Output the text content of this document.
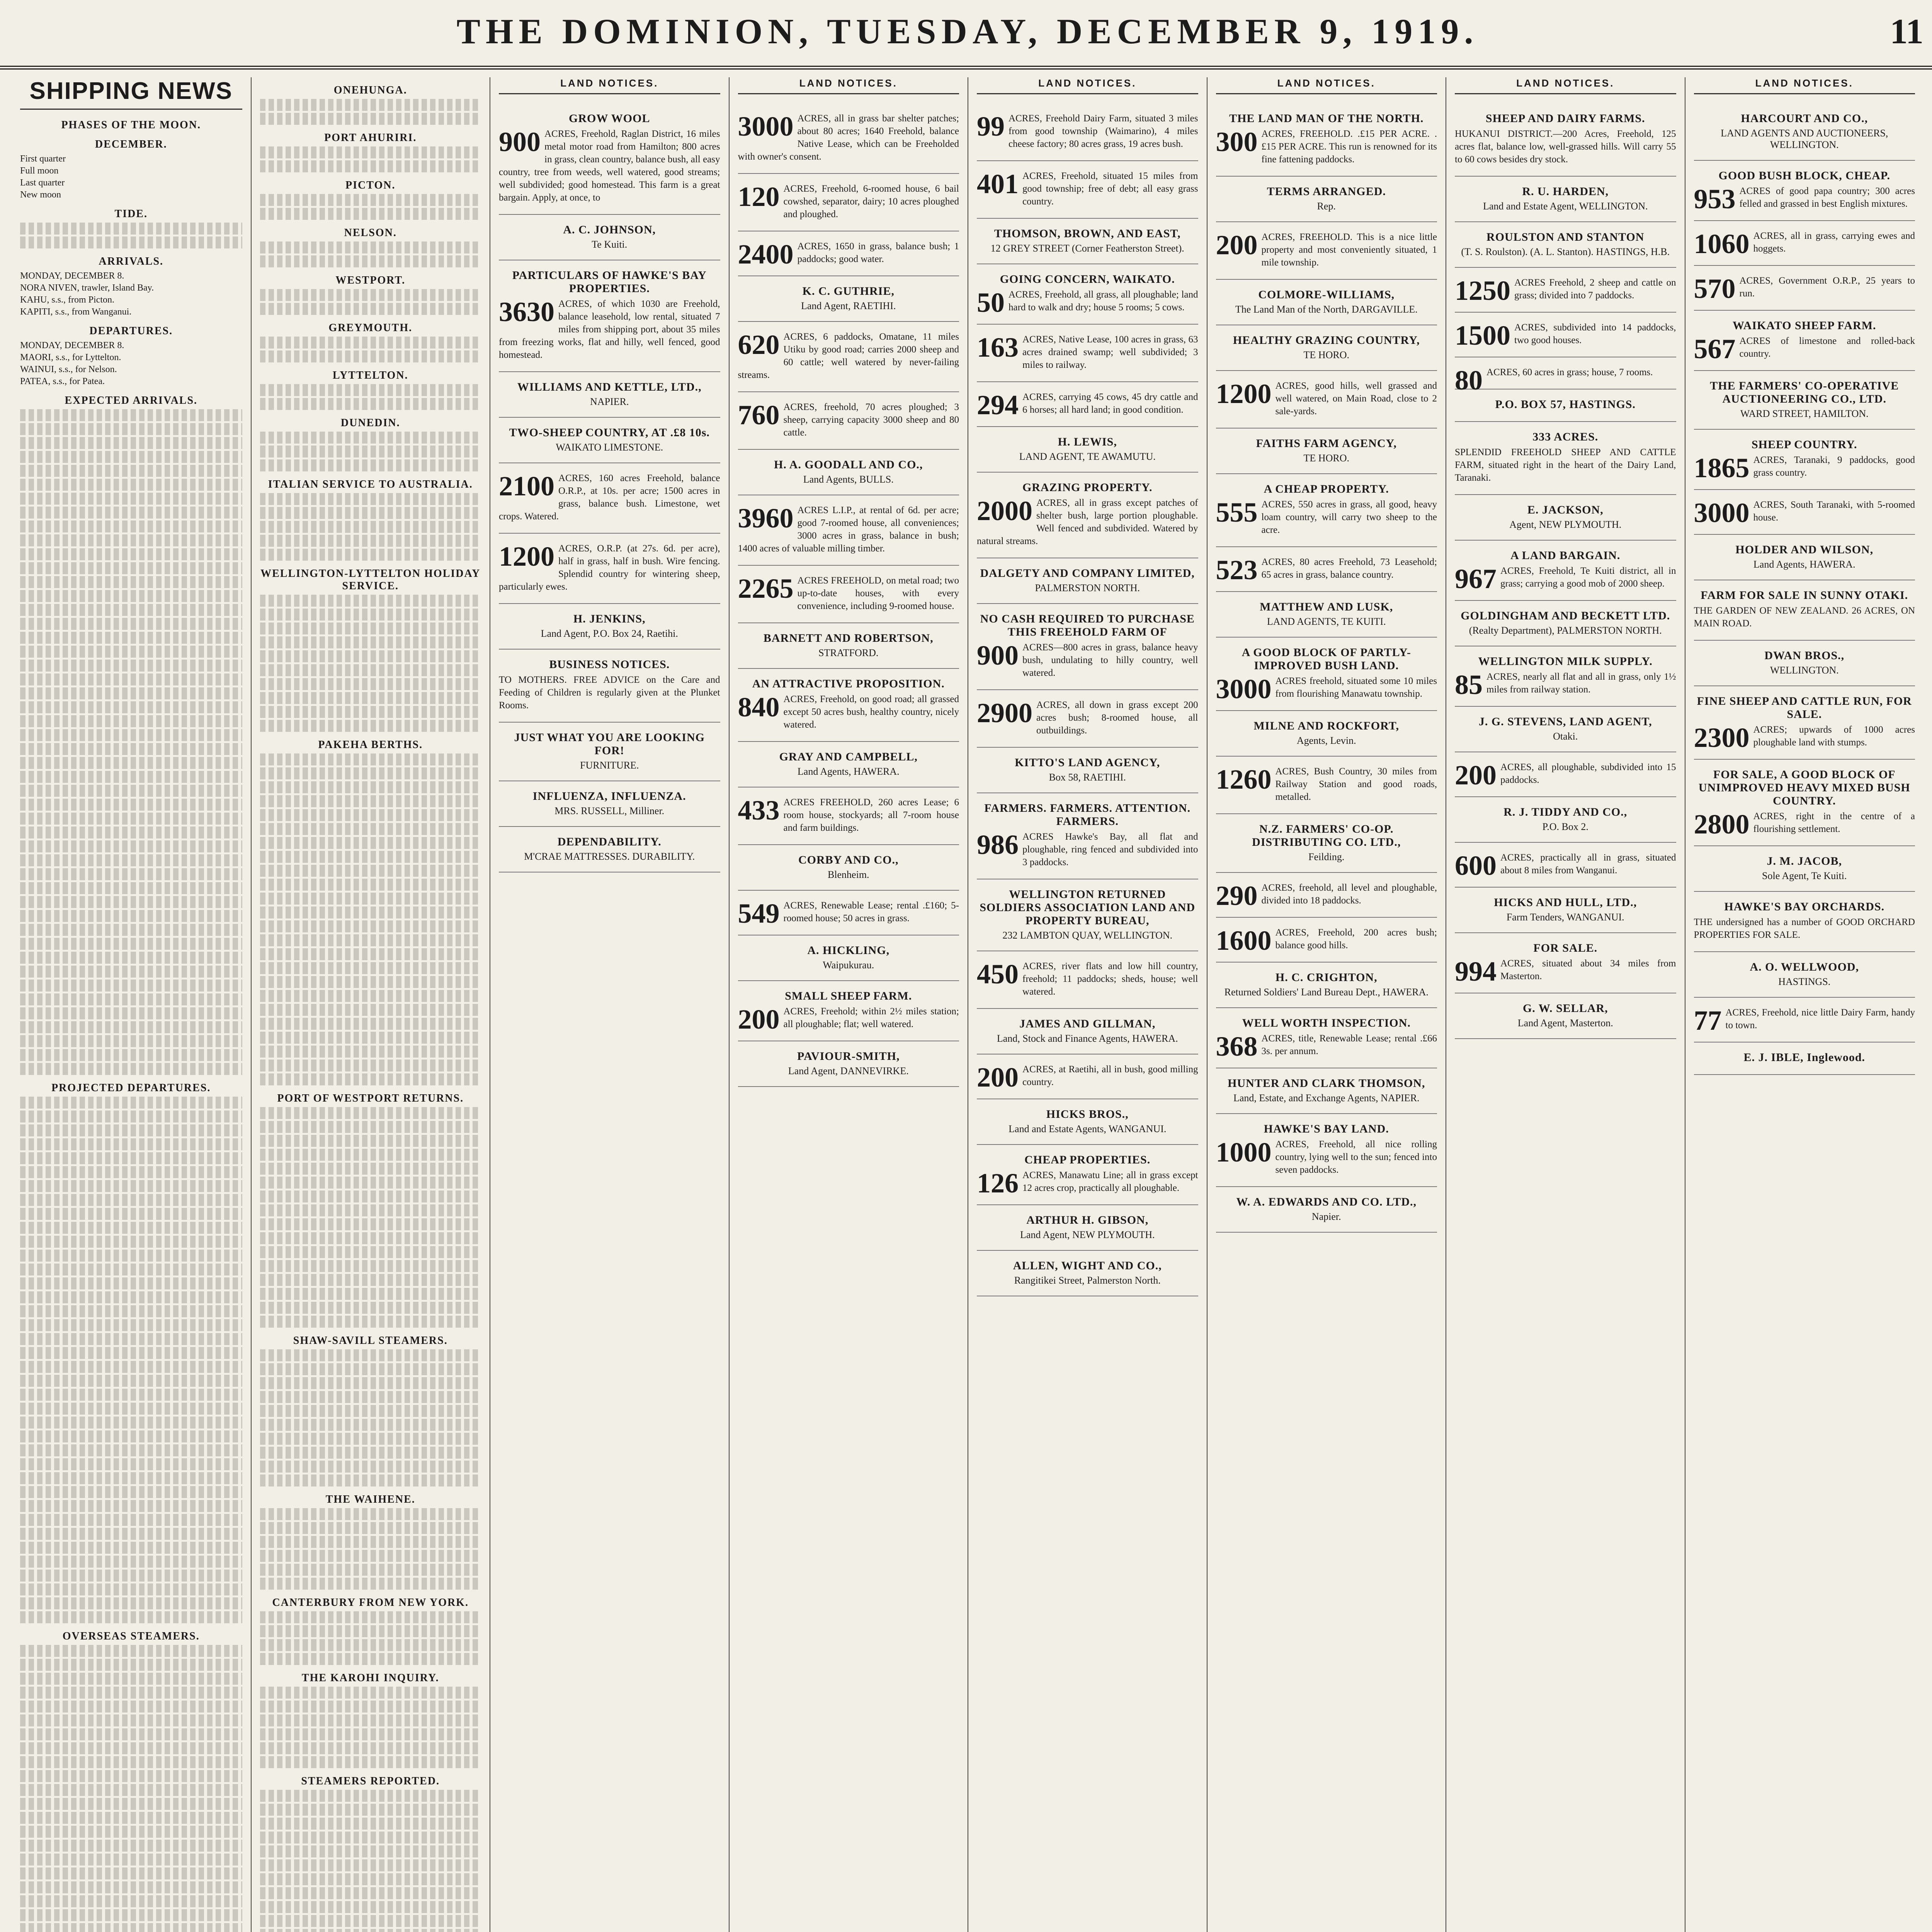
THE DOMINION, TUESDAY, DECEMBER 9, 1919.	11
SHIPPING NEWS
PHASES OF THE MOON.
DECEMBER.
First quarter
Full moon
Last quarter
New moon
TIDE.
ARRIVALS.
MONDAY, DECEMBER 8.
NORA NIVEN, trawler, Island Bay.
KAHU, s.s., from Picton.
KAPITI, s.s., from Wanganui.
DEPARTURES.
MONDAY, DECEMBER 8.
MAORI, s.s., for Lyttelton.
WAINUI, s.s., for Nelson.
PATEA, s.s., for Patea.
EXPECTED ARRIVALS.
PROJECTED DEPARTURES.
OVERSEAS STEAMERS.
ONEHUNGA.
PORT AHURIRI.
PICTON.
NELSON.
WESTPORT.
GREYMOUTH.
LYTTELTON.
DUNEDIN.
ITALIAN SERVICE TO AUSTRALIA.
WELLINGTON-LYTTELTON HOLIDAY SERVICE.
PAKEHA BERTHS.
PORT OF WESTPORT RETURNS.
SHAW-SAVILL STEAMERS.
THE WAIHENE.
CANTERBURY FROM NEW YORK.
THE KAROHI INQUIRY.
STEAMERS REPORTED.
LAND NOTICES.
GROW WOOL
900 ACRES, Freehold, Raglan District, 16 miles metal motor road from Hamilton; 800 acres in grass, clean country, balance bush, all easy country, tree from weeds, well watered, good streams; well subdivided; good homestead. This farm is a great bargain. Apply, at once, to
A. C. JOHNSON,
Te Kuiti.
PARTICULARS OF HAWKE'S BAY PROPERTIES.
3630 ACRES, of which 1030 are Freehold, balance leasehold, low rental, situated 7 miles from shipping port, about 35 miles from freezing works, flat and hilly, well fenced, good homestead.
WILLIAMS AND KETTLE, LTD.,
NAPIER.
TWO-SHEEP COUNTRY, AT .£8 10s.
WAIKATO LIMESTONE.
2100 ACRES, 160 acres Freehold, balance O.R.P., at 10s. per acre; 1500 acres in grass, balance bush. Limestone, wet crops. Watered.
1200 ACRES, O.R.P. (at 27s. 6d. per acre), half in grass, half in bush. Wire fencing. Splendid country for wintering sheep, particularly ewes.
H. JENKINS,
Land Agent, P.O. Box 24, Raetihi.
BUSINESS NOTICES.
TO MOTHERS. FREE ADVICE on the Care and Feeding of Children is regularly given at the Plunket Rooms.
JUST WHAT YOU ARE LOOKING FOR!
FURNITURE.
INFLUENZA, INFLUENZA.
MRS. RUSSELL, Milliner.
DEPENDABILITY.
M'CRAE MATTRESSES. DURABILITY.
LAND NOTICES.
3000 ACRES, all in grass bar shelter patches; about 80 acres; 1640 Freehold, balance Native Lease, which can be Freeholded with owner's consent.
120 ACRES, Freehold, 6-roomed house, 6 bail cowshed, separator, dairy; 10 acres ploughed and ploughed.
2400 ACRES, 1650 in grass, balance bush; 1 paddocks; good water.
K. C. GUTHRIE,
Land Agent, RAETIHI.
620 ACRES, 6 paddocks, Omatane, 11 miles Utiku by good road; carries 2000 sheep and 60 cattle; well watered by never-failing streams.
760 ACRES, freehold, 70 acres ploughed; 3 sheep, carrying capacity 3000 sheep and 80 cattle.
H. A. GOODALL AND CO.,
Land Agents, BULLS.
3960 ACRES L.I.P., at rental of 6d. per acre; good 7-roomed house, all conveniences; 3000 acres in grass, balance in bush; 1400 acres of valuable milling timber.
2265 ACRES FREEHOLD, on metal road; two up-to-date houses, with every convenience, including 9-roomed house.
BARNETT AND ROBERTSON,
STRATFORD.
AN ATTRACTIVE PROPOSITION.
840 ACRES, Freehold, on good road; all grassed except 50 acres bush, healthy country, nicely watered.
GRAY AND CAMPBELL,
Land Agents, HAWERA.
433 ACRES FREEHOLD, 260 acres Lease; 6 room house, stockyards; all 7-room house and farm buildings.
CORBY AND CO.,
Blenheim.
549 ACRES, Renewable Lease; rental .£160; 5-roomed house; 50 acres in grass.
A. HICKLING,
Waipukurau.
SMALL SHEEP FARM.
200 ACRES, Freehold; within 2½ miles station; all ploughable; flat; well watered.
PAVIOUR-SMITH,
Land Agent, DANNEVIRKE.
LAND NOTICES.
99 ACRES, Freehold Dairy Farm, situated 3 miles from good township (Waimarino), 4 miles cheese factory; 80 acres grass, 19 acres bush.
401 ACRES, Freehold, situated 15 miles from good township; free of debt; all easy grass country.
THOMSON, BROWN, AND EAST,
12 GREY STREET (Corner Featherston Street).
GOING CONCERN, WAIKATO.
50 ACRES, Freehold, all grass, all ploughable; land hard to walk and dry; house 5 rooms; 5 cows.
163 ACRES, Native Lease, 100 acres in grass, 63 acres drained swamp; well subdivided; 3 miles to railway.
294 ACRES, carrying 45 cows, 45 dry cattle and 6 horses; all hard land; in good condition.
H. LEWIS,
LAND AGENT, TE AWAMUTU.
GRAZING PROPERTY.
2000 ACRES, all in grass except patches of shelter bush, large portion ploughable. Well fenced and subdivided. Watered by natural streams.
DALGETY AND COMPANY LIMITED,
PALMERSTON NORTH.
NO CASH REQUIRED TO PURCHASE THIS FREEHOLD FARM OF
900 ACRES—800 acres in grass, balance heavy bush, undulating to hilly country, well watered.
2900 ACRES, all down in grass except 200 acres bush; 8-roomed house, all outbuildings.
KITTO'S LAND AGENCY,
Box 58, RAETIHI.
FARMERS. FARMERS. ATTENTION. FARMERS.
986 ACRES Hawke's Bay, all flat and ploughable, ring fenced and subdivided into 3 paddocks.
WELLINGTON RETURNED SOLDIERS ASSOCIATION LAND AND PROPERTY BUREAU,
232 LAMBTON QUAY, WELLINGTON.
450 ACRES, river flats and low hill country, freehold; 11 paddocks; sheds, house; well watered.
JAMES AND GILLMAN,
Land, Stock and Finance Agents, HAWERA.
200 ACRES, at Raetihi, all in bush, good milling country.
HICKS BROS.,
Land and Estate Agents, WANGANUI.
CHEAP PROPERTIES.
126 ACRES, Manawatu Line; all in grass except 12 acres crop, practically all ploughable.
ARTHUR H. GIBSON,
Land Agent, NEW PLYMOUTH.
ALLEN, WIGHT AND CO.,
Rangitikei Street, Palmerston North.
LAND NOTICES.
THE LAND MAN OF THE NORTH.
300 ACRES, FREEHOLD. .£15 PER ACRE. .£15 PER ACRE. This run is renowned for its fine fattening paddocks.
TERMS ARRANGED.
Rep.
200 ACRES, FREEHOLD. This is a nice little property and most conveniently situated, 1 mile township.
COLMORE-WILLIAMS,
The Land Man of the North, DARGAVILLE.
HEALTHY GRAZING COUNTRY,
TE HORO.
1200 ACRES, good hills, well grassed and well watered, on Main Road, close to 2 sale-yards.
FAITHS FARM AGENCY,
TE HORO.
A CHEAP PROPERTY.
555 ACRES, 550 acres in grass, all good, heavy loam country, will carry two sheep to the acre.
523 ACRES, 80 acres Freehold, 73 Leasehold; 65 acres in grass, balance country.
MATTHEW AND LUSK,
LAND AGENTS, TE KUITI.
A GOOD BLOCK OF PARTLY-IMPROVED BUSH LAND.
3000 ACRES freehold, situated some 10 miles from flourishing Manawatu township.
MILNE AND ROCKFORT,
Agents, Levin.
1260 ACRES, Bush Country, 30 miles from Railway Station and good roads, metalled.
N.Z. FARMERS' CO-OP. DISTRIBUTING CO. LTD.,
Feilding.
290 ACRES, freehold, all level and ploughable, divided into 18 paddocks.
1600 ACRES, Freehold, 200 acres bush; balance good hills.
H. C. CRIGHTON,
Returned Soldiers' Land Bureau Dept., HAWERA.
WELL WORTH INSPECTION.
368 ACRES, title, Renewable Lease; rental .£66 3s. per annum.
HUNTER AND CLARK THOMSON,
Land, Estate, and Exchange Agents, NAPIER.
HAWKE'S BAY LAND.
1000 ACRES, Freehold, all nice rolling country, lying well to the sun; fenced into seven paddocks.
W. A. EDWARDS AND CO. LTD.,
Napier.
LAND NOTICES.
SHEEP AND DAIRY FARMS.
HUKANUI DISTRICT.—200 Acres, Freehold, 125 acres flat, balance low, well-grassed hills. Will carry 55 to 60 cows besides dry stock.
R. U. HARDEN,
Land and Estate Agent, WELLINGTON.
ROULSTON AND STANTON
(T. S. Roulston). (A. L. Stanton). HASTINGS, H.B.
1250 ACRES Freehold, 2 sheep and cattle on grass; divided into 7 paddocks.
1500 ACRES, subdivided into 14 paddocks, two good houses.
80 ACRES, 60 acres in grass; house, 7 rooms.
P.O. BOX 57, HASTINGS.
333 ACRES.
SPLENDID FREEHOLD SHEEP AND CATTLE FARM, situated right in the heart of the Dairy Land, Taranaki.
E. JACKSON,
Agent, NEW PLYMOUTH.
A LAND BARGAIN.
967 ACRES, Freehold, Te Kuiti district, all in grass; carrying a good mob of 2000 sheep.
GOLDINGHAM AND BECKETT LTD.
(Realty Department), PALMERSTON NORTH.
WELLINGTON MILK SUPPLY.
85 ACRES, nearly all flat and all in grass, only 1½ miles from railway station.
J. G. STEVENS, LAND AGENT,
Otaki.
200 ACRES, all ploughable, subdivided into 15 paddocks.
R. J. TIDDY AND CO.,
P.O. Box 2.
600 ACRES, practically all in grass, situated about 8 miles from Wanganui.
HICKS AND HULL, LTD.,
Farm Tenders, WANGANUI.
FOR SALE.
994 ACRES, situated about 34 miles from Masterton.
G. W. SELLAR,
Land Agent, Masterton.
LAND NOTICES.
HARCOURT AND CO.,
LAND AGENTS AND AUCTIONEERS, WELLINGTON.
GOOD BUSH BLOCK, CHEAP.
953 ACRES of good papa country; 300 acres felled and grassed in best English mixtures.
1060 ACRES, all in grass, carrying ewes and hoggets.
570 ACRES, Government O.R.P., 25 years to run.
WAIKATO SHEEP FARM.
567 ACRES of limestone and rolled-back country.
THE FARMERS' CO-OPERATIVE AUCTIONEERING CO., LTD.
WARD STREET, HAMILTON.
SHEEP COUNTRY.
1865 ACRES, Taranaki, 9 paddocks, good grass country.
3000 ACRES, South Taranaki, with 5-roomed house.
HOLDER AND WILSON,
Land Agents, HAWERA.
FARM FOR SALE IN SUNNY OTAKI.
THE GARDEN OF NEW ZEALAND. 26 ACRES, ON MAIN ROAD.
DWAN BROS.,
WELLINGTON.
FINE SHEEP AND CATTLE RUN, FOR SALE.
2300 ACRES; upwards of 1000 acres ploughable land with stumps.
FOR SALE, A GOOD BLOCK OF UNIMPROVED HEAVY MIXED BUSH COUNTRY.
2800 ACRES, right in the centre of a flourishing settlement.
J. M. JACOB,
Sole Agent, Te Kuiti.
HAWKE'S BAY ORCHARDS.
THE undersigned has a number of GOOD ORCHARD PROPERTIES FOR SALE.
A. O. WELLWOOD,
HASTINGS.
77 ACRES, Freehold, nice little Dairy Farm, handy to town.
E. J. IBLE, Inglewood.
